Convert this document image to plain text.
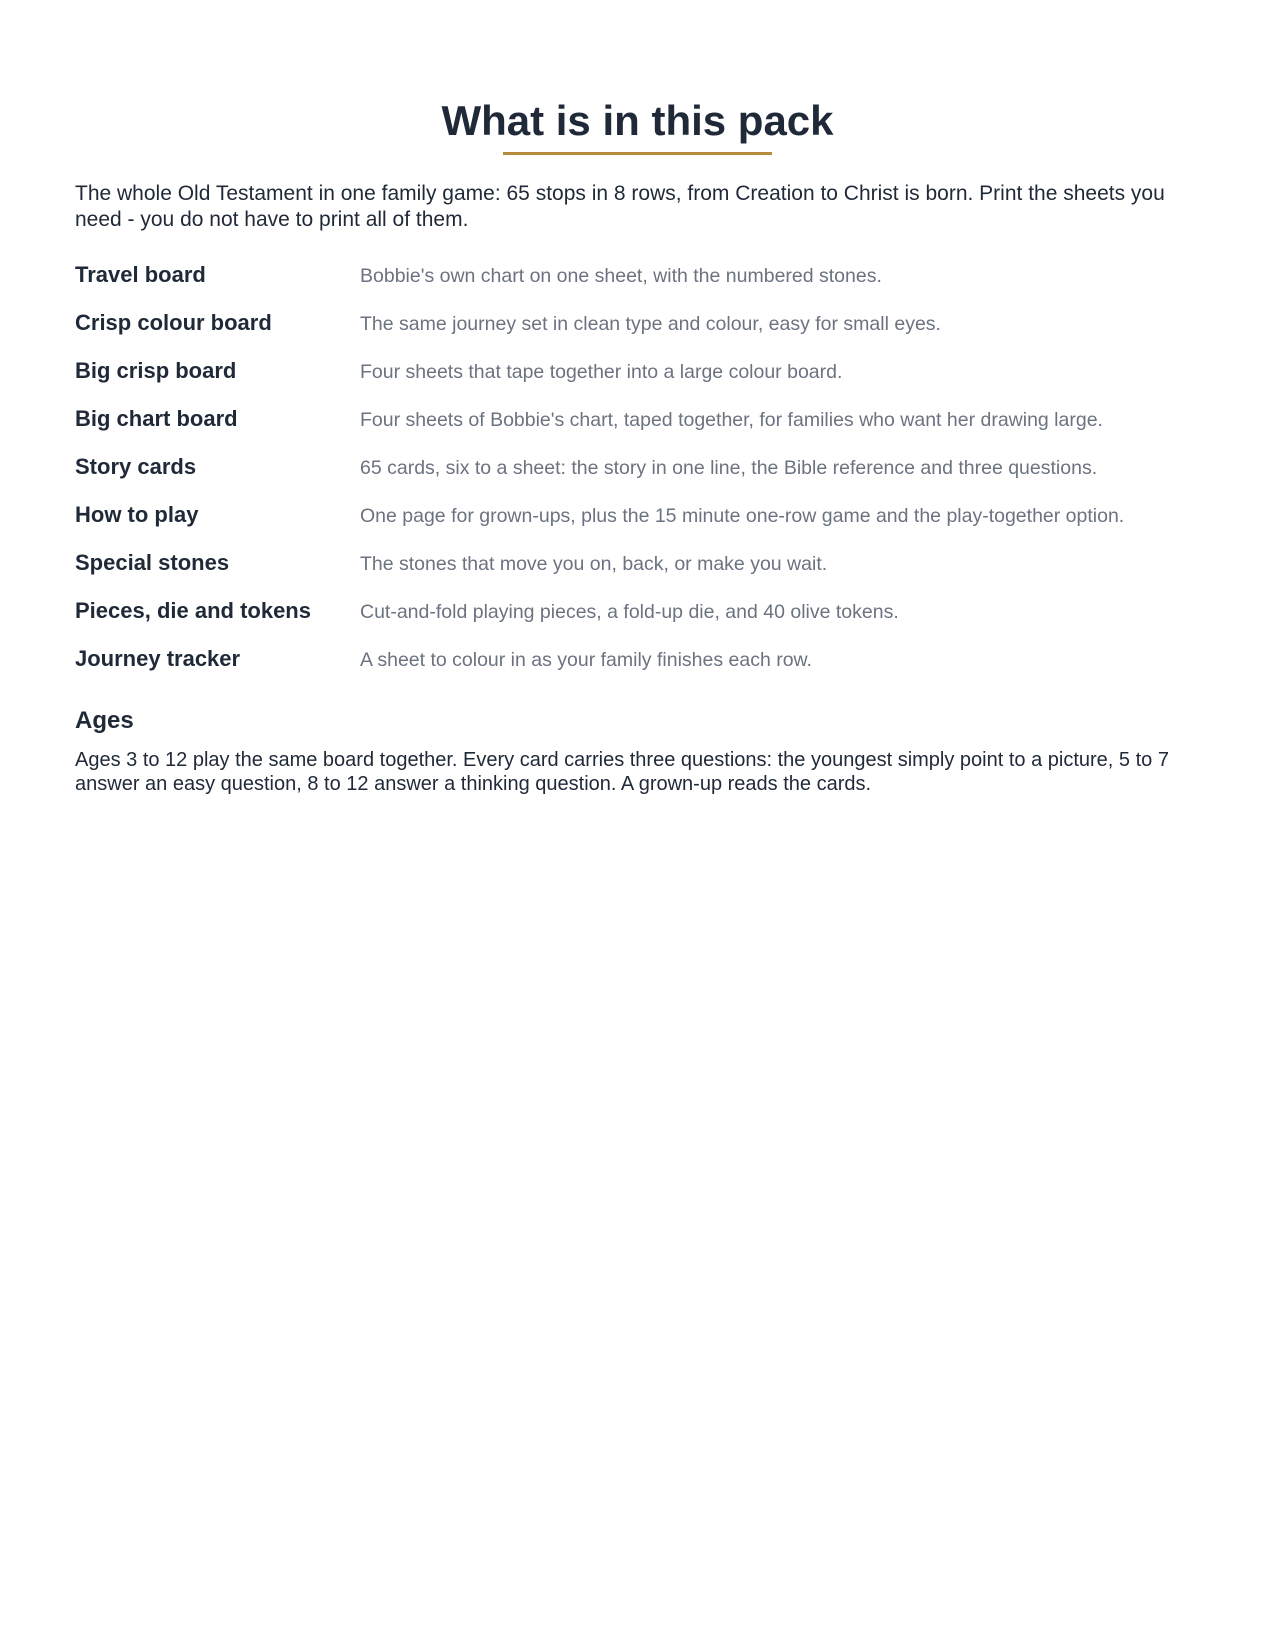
What is in this pack

The whole Old Testament in one family game: 65 stops in 8 rows, from Creation to Christ is born. Print the sheets you need - you do not have to print all of them.

Travel board	Bobbie's own chart on one sheet, with the numbered stones.
Crisp colour board	The same journey set in clean type and colour, easy for small eyes.
Big crisp board	Four sheets that tape together into a large colour board.
Big chart board	Four sheets of Bobbie's chart, taped together, for families who want her drawing large.
Story cards	65 cards, six to a sheet: the story in one line, the Bible reference and three questions.
How to play	One page for grown-ups, plus the 15 minute one-row game and the play-together option.
Special stones	The stones that move you on, back, or make you wait.
Pieces, die and tokens	Cut-and-fold playing pieces, a fold-up die, and 40 olive tokens.
Journey tracker	A sheet to colour in as your family finishes each row.
Ages

Ages 3 to 12 play the same board together. Every card carries three questions: the youngest simply point to a picture, 5 to 7 answer an easy question, 8 to 12 answer a thinking question. A grown-up reads the cards.
